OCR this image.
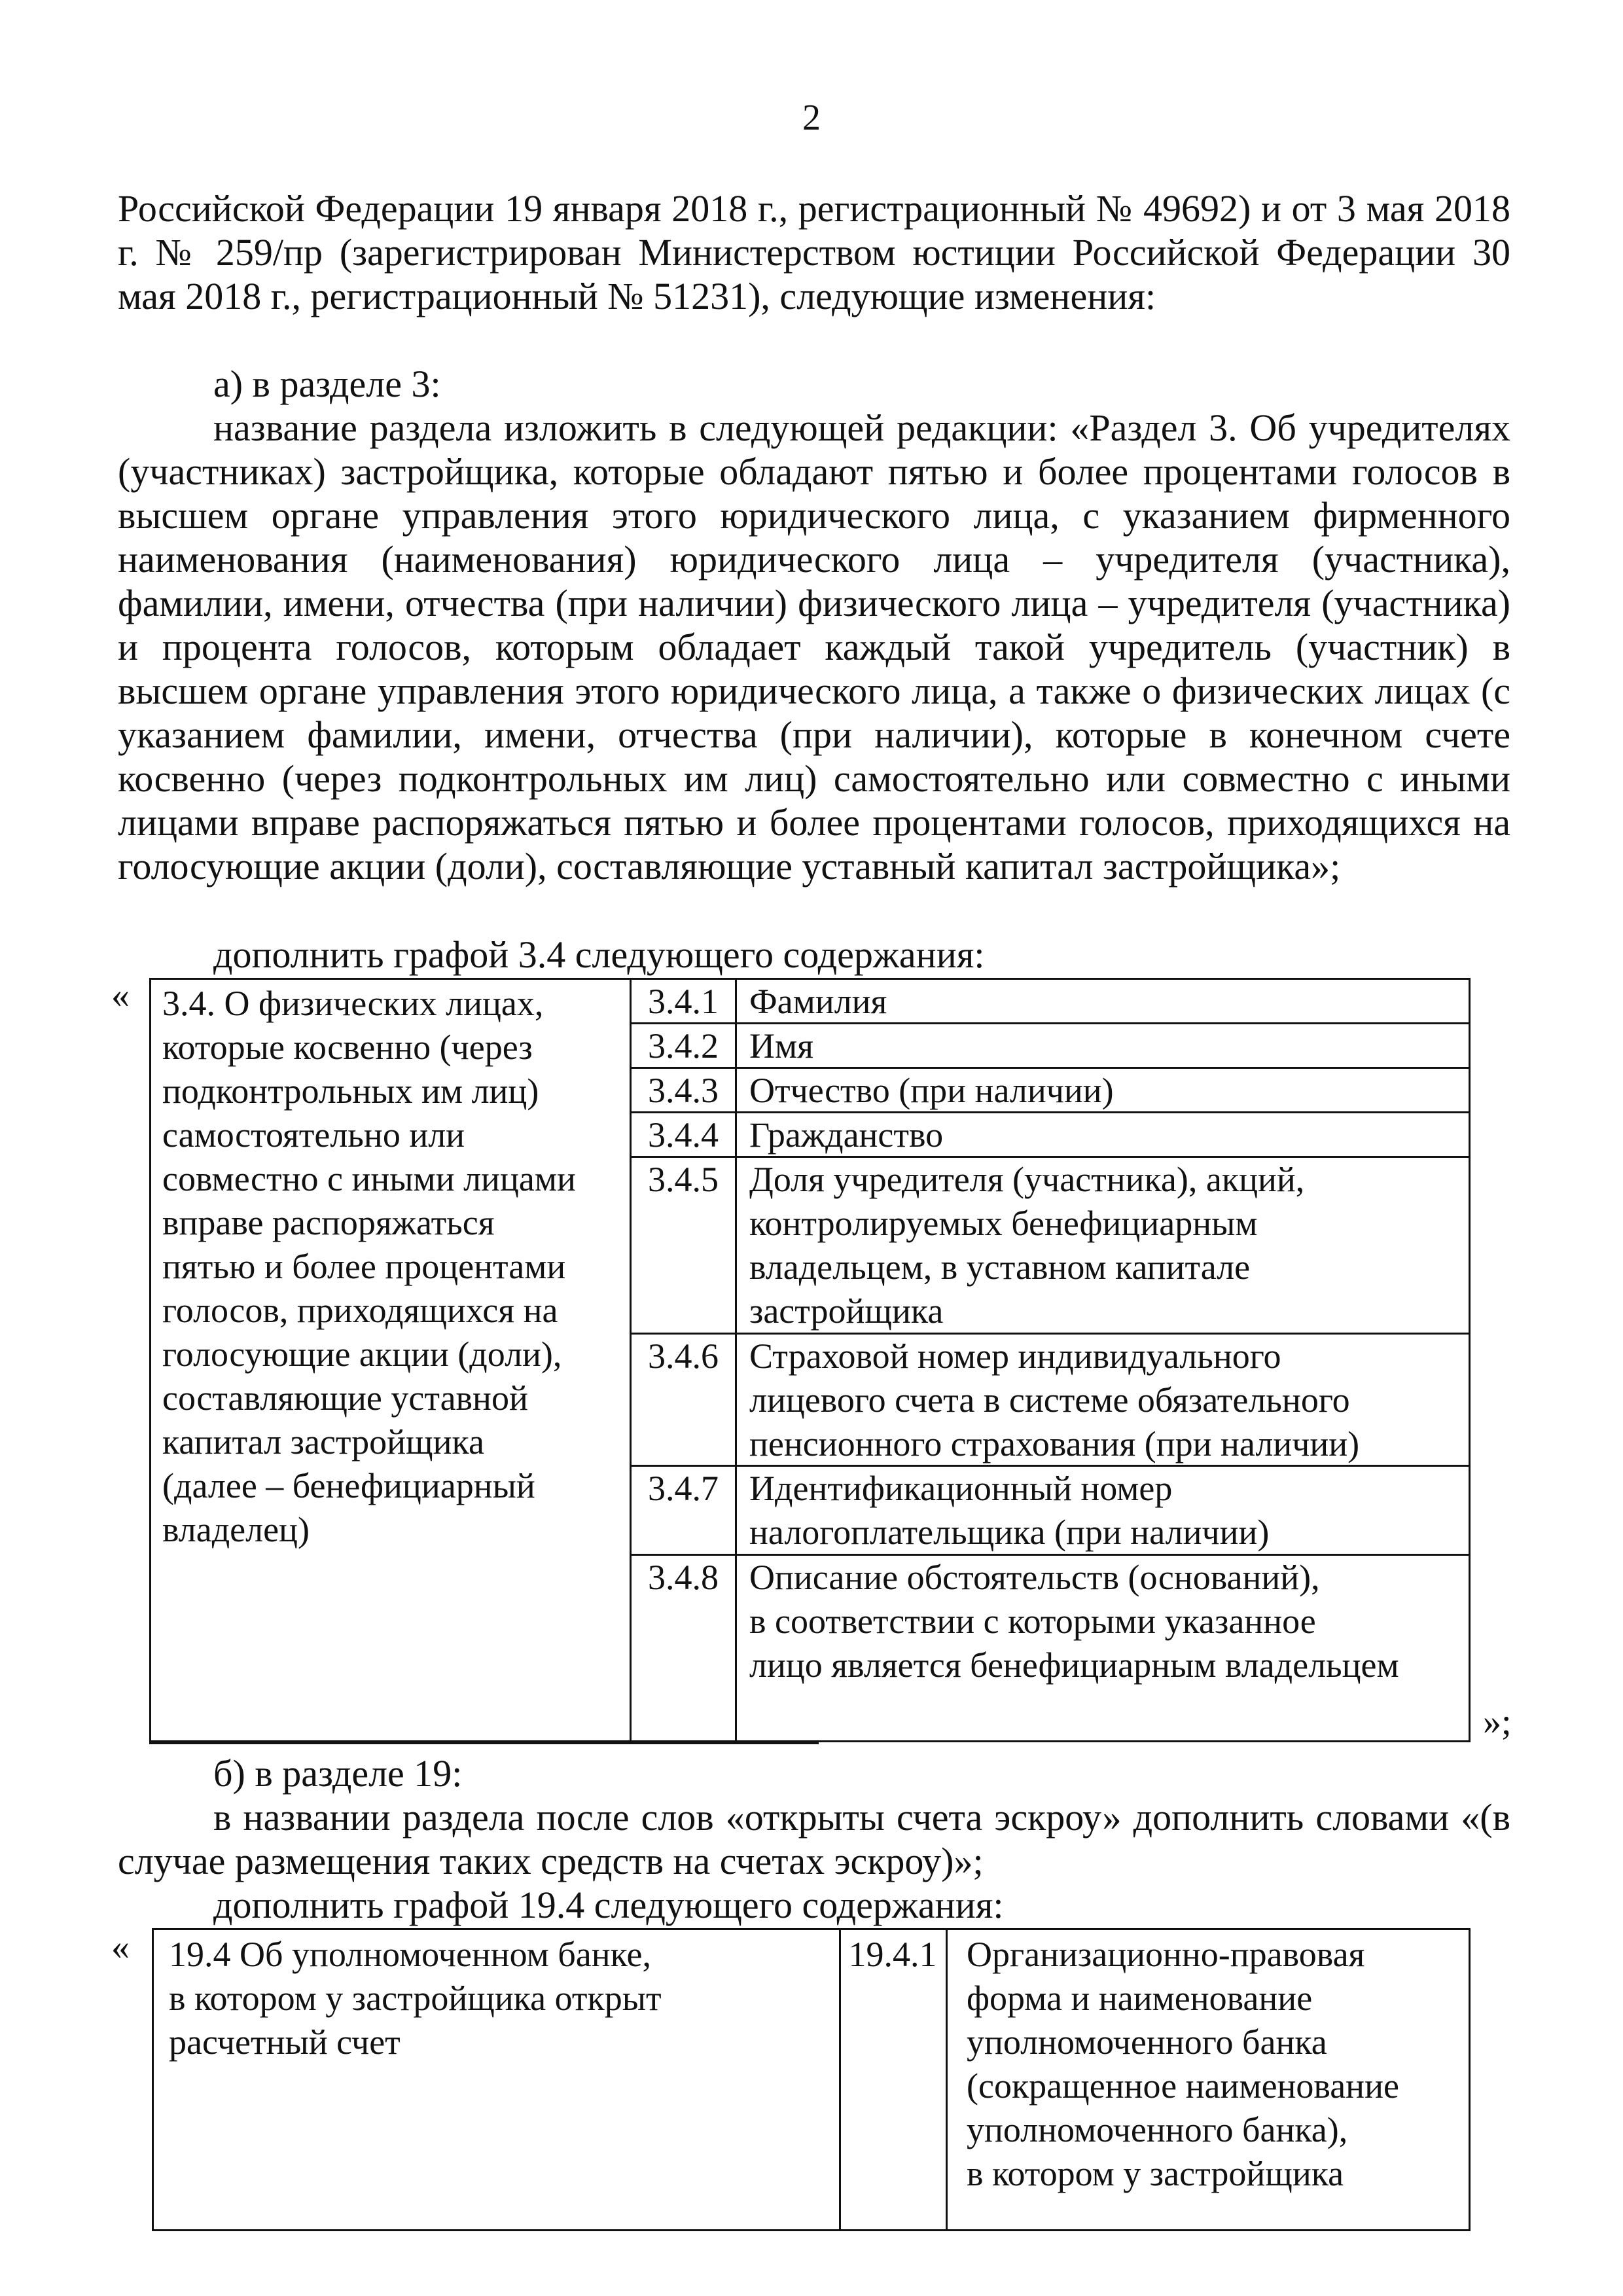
2
Российской Федерации 19 января 2018 г., регистрационный № 49692) и от 3 мая 2018 г. № 259/пр (зарегистрирован Министерством юстиции Российской Федерации 30 мая 2018 г., регистрационный № 51231), следующие изменения:
а) в разделе 3:
название раздела изложить в следующей редакции: «Раздел 3. Об учредителях (участниках) застройщика, которые обладают пятью и более процентами голосов в высшем органе управления этого юридического лица, с указанием фирменного наименования (наименования) юридического лица – учредителя (участника), фамилии, имени, отчества (при наличии) физического лица – учредителя (участника) и процента голосов, которым обладает каждый такой учредитель (участник) в высшем органе управления этого юридического лица, а также о физических лицах (с указанием фамилии, имени, отчества (при наличии), которые в конечном счете косвенно (через подконтрольных им лиц) самостоятельно или совместно с иными лицами вправе распоряжаться пятью и более процентами голосов, приходящихся на голосующие акции (доли), составляющие уставный капитал застройщика»;
дополнить графой 3.4 следующего содержания:
« 3.4. О физических лицах,
которые косвенно (через
подконтрольных им лиц)
самостоятельно или
совместно с иными лицами
вправе распоряжаться
пятью и более процентами
голосов, приходящихся на
голосующие акции (доли),
составляющие уставной
капитал застройщика
(далее – бенефициарный
владелец)
3.4.1
3.4.2
3.4.3
3.4.4
3.4.5
3.4.6
3.4.7
3.4.8
Фамилия
Имя
Отчество (при наличии)
Гражданство
Доля учредителя (участника), акций,
контролируемых бенефициарным
владельцем, в уставном капитале
застройщика
Страховой номер индивидуального
лицевого счета в системе обязательного
пенсионного страхования (при наличии)
Идентификационный номер
налогоплательщика (при наличии)
Описание обстоятельств (оснований),
в соответствии с которыми указанное
лицо является бенефициарным владельцем
»;
б) в разделе 19:
в названии раздела после слов «открыты счета эскроу» дополнить словами «(в случае размещения таких средств на счетах эскроу)»;
дополнить графой 19.4 следующего содержания:
« 19.4 Об уполномоченном банке,
в котором у застройщика открыт
расчетный счет
19.4.1 Организационно-правовая
форма и наименование
уполномоченного банка
(сокращенное наименование
уполномоченного банка),
в котором у застройщика
